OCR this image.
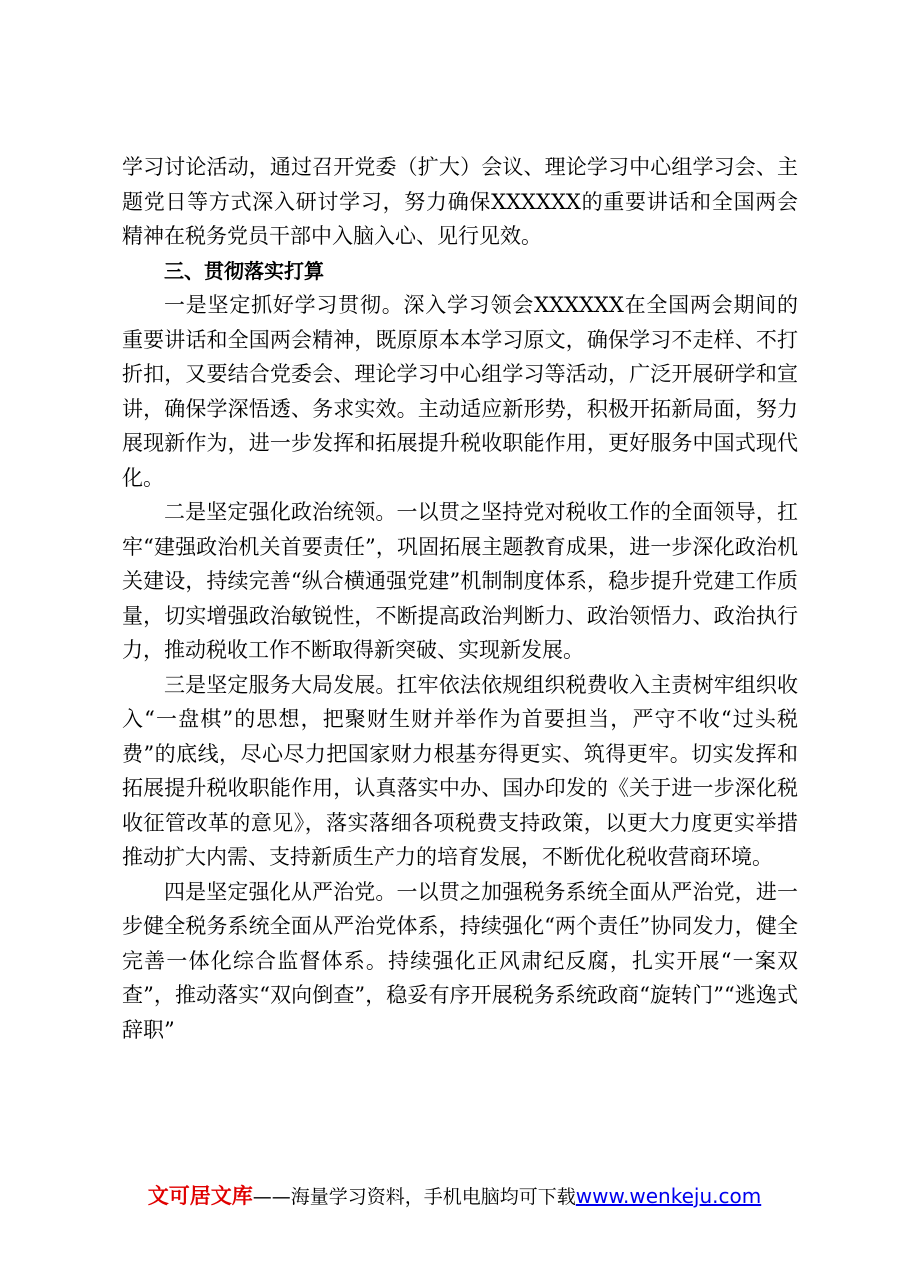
学习讨论活动，通过召开党委（扩大）会议、理论学习中心组学习会、主题党日等方式深入研讨学习，努力确保XXXXXX的重要讲话和全国两会精神在税务党员干部中入脑入心、见行见效。

三、贯彻落实打算

一是坚定抓好学习贯彻。深入学习领会XXXXXX在全国两会期间的重要讲话和全国两会精神，既原原本本学习原文，确保学习不走样、不打折扣，又要结合党委会、理论学习中心组学习等活动，广泛开展研学和宣讲，确保学深悟透、务求实效。主动适应新形势，积极开拓新局面，努力展现新作为，进一步发挥和拓展提升税收职能作用，更好服务中国式现代化。

二是坚定强化政治统领。一以贯之坚持党对税收工作的全面领导，扛牢“建强政治机关首要责任”，巩固拓展主题教育成果，进一步深化政治机关建设，持续完善“纵合横通强党建”机制制度体系，稳步提升党建工作质量，切实增强政治敏锐性，不断提高政治判断力、政治领悟力、政治执行力，推动税收工作不断取得新突破、实现新发展。

三是坚定服务大局发展。扛牢依法依规组织税费收入主责树牢组织收入“一盘棋”的思想，把聚财生财并举作为首要担当，严守不收“过头税费”的底线，尽心尽力把国家财力根基夯得更实、筑得更牢。切实发挥和拓展提升税收职能作用，认真落实中办、国办印发的《关于进一步深化税收征管改革的意见》，落实落细各项税费支持政策，以更大力度更实举措推动扩大内需、支持新质生产力的培育发展，不断优化税收营商环境。

四是坚定强化从严治党。一以贯之加强税务系统全面从严治党，进一步健全税务系统全面从严治党体系，持续强化“两个责任”协同发力，健全完善一体化综合监督体系。持续强化正风肃纪反腐，扎实开展“一案双查”，推动落实“双向倒查”，稳妥有序开展税务系统政商“旋转门”“逃逸式辞职”

文可居文库——海量学习资料，手机电脑均可下载www.wenkeju.com
